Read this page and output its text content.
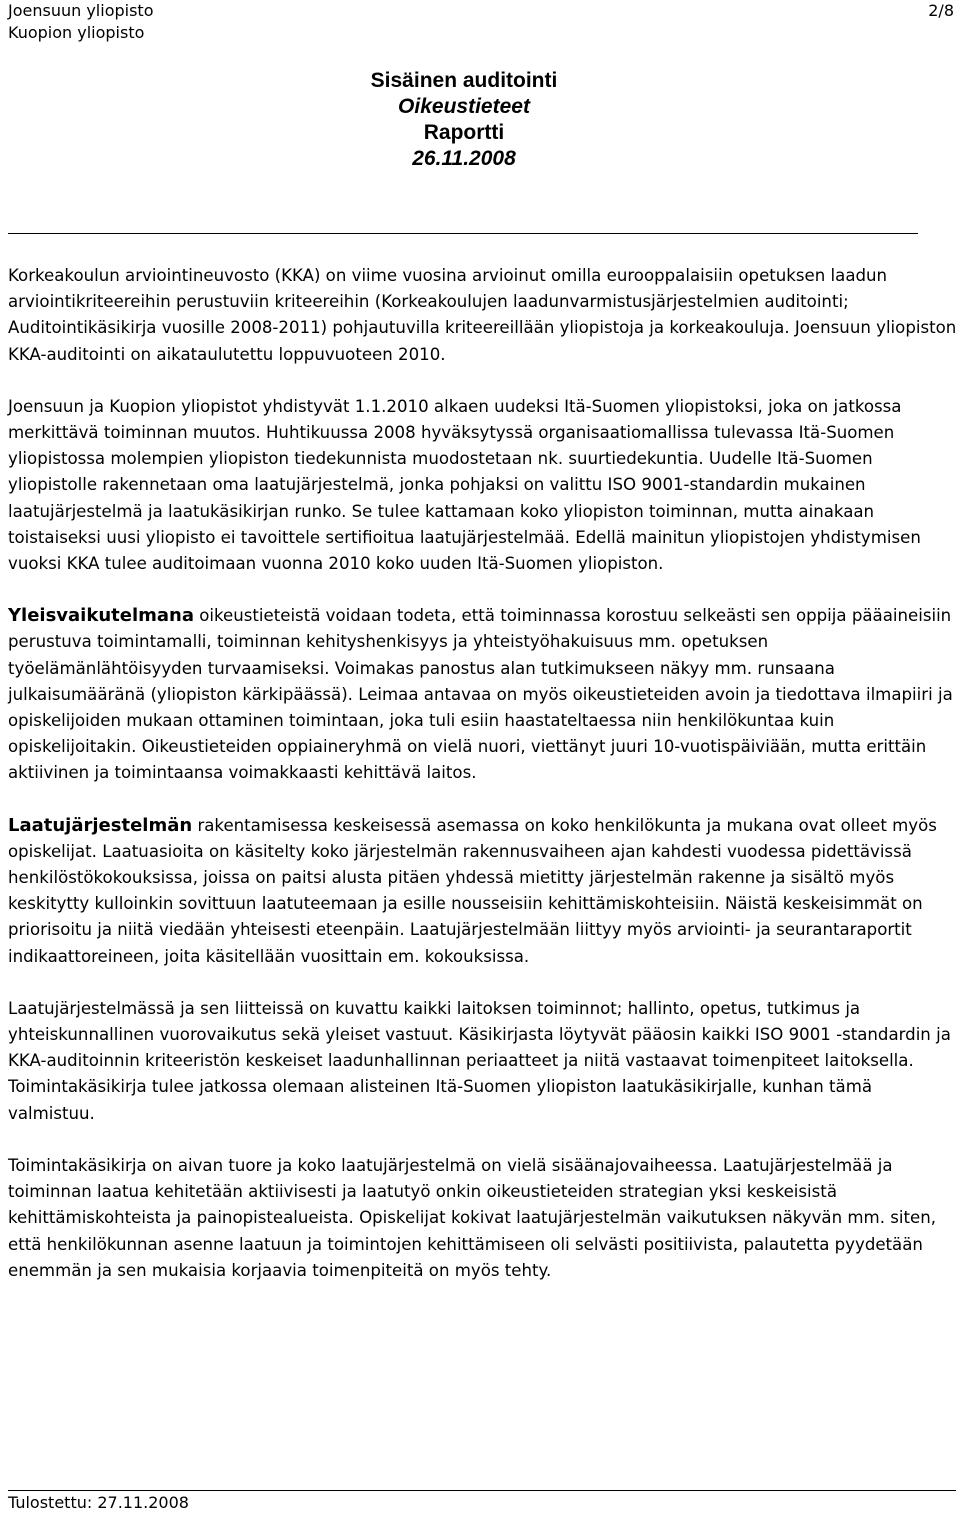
Joensuun yliopisto
Kuopion yliopisto
2/8
Sisäinen auditointi
Oikeustieteet
Raportti
26.11.2008

Korkeakoulun arviointineuvosto (KKA) on viime vuosina arvioinut omilla eurooppalaisiin opetuksen laadun arviointikriteereihin perustuviin kriteereihin (Korkeakoulujen laadunvarmistusjärjestelmien auditointi; Auditointikäsikirja vuosille 2008-2011) pohjautuvilla kriteereillään yliopistoja ja korkeakouluja. Joensuun yliopiston KKA-auditointi on aikataulutettu loppuvuoteen 2010.

Joensuun ja Kuopion yliopistot yhdistyvät 1.1.2010 alkaen uudeksi Itä-Suomen yliopistoksi, joka on jatkossa merkittävä toiminnan muutos. Huhtikuussa 2008 hyväksytyssä organisaatiomallissa tulevassa Itä-Suomen yliopistossa molempien yliopiston tiedekunnista muodostetaan nk. suurtiedekuntia. Uudelle Itä-Suomen yliopistolle rakennetaan oma laatujärjestelmä, jonka pohjaksi on valittu ISO 9001-standardin mukainen laatujärjestelmä ja laatukäsikirjan runko. Se tulee kattamaan koko yliopiston toiminnan, mutta ainakaan toistaiseksi uusi yliopisto ei tavoittele sertifioitua laatujärjestelmää. Edellä mainitun yliopistojen yhdistymisen vuoksi KKA tulee auditoimaan vuonna 2010 koko uuden Itä-Suomen yliopiston.

Yleisvaikutelmana oikeustieteistä voidaan todeta, että toiminnassa korostuu selkeästi sen oppija pääaineisiin perustuva toimintamalli, toiminnan kehityshenkisyys ja yhteistyöhakuisuus mm. opetuksen työelämänlähtöisyyden turvaamiseksi. Voimakas panostus alan tutkimukseen näkyy mm. runsaana julkaisumääränä (yliopiston kärkipäässä). Leimaa antavaa on myös oikeustieteiden avoin ja tiedottava ilmapiiri ja opiskelijoiden mukaan ottaminen toimintaan, joka tuli esiin haastateltaessa niin henkilökuntaa kuin opiskelijoitakin. Oikeustieteiden oppiaineryhmä on vielä nuori, viettänyt juuri 10-vuotispäiviään, mutta erittäin aktiivinen ja toimintaansa voimakkaasti kehittävä laitos.

Laatujärjestelmän rakentamisessa keskeisessä asemassa on koko henkilökunta ja mukana ovat olleet myös opiskelijat. Laatuasioita on käsitelty koko järjestelmän rakennusvaiheen ajan kahdesti vuodessa pidettävissä henkilöstökokouksissa, joissa on paitsi alusta pitäen yhdessä mietitty järjestelmän rakenne ja sisältö myös keskitytty kulloinkin sovittuun laatuteemaan ja esille nousseisiin kehittämiskohteisiin. Näistä keskeisimmät on priorisoitu ja niitä viedään yhteisesti eteenpäin. Laatujärjestelmään liittyy myös arviointi- ja seurantaraportit indikaattoreineen, joita käsitellään vuosittain em. kokouksissa.

Laatujärjestelmässä ja sen liitteissä on kuvattu kaikki laitoksen toiminnot; hallinto, opetus, tutkimus ja yhteiskunnallinen vuorovaikutus sekä yleiset vastuut. Käsikirjasta löytyvät pääosin kaikki ISO 9001 -standardin ja KKA-auditoinnin kriteeristön keskeiset laadunhallinnan periaatteet ja niitä vastaavat toimenpiteet laitoksella. Toimintakäsikirja tulee jatkossa olemaan alisteinen Itä-Suomen yliopiston laatukäsikirjalle, kunhan tämä valmistuu.

Toimintakäsikirja on aivan tuore ja koko laatujärjestelmä on vielä sisäänajovaiheessa. Laatujärjestelmää ja toiminnan laatua kehitetään aktiivisesti ja laatutyö onkin oikeustieteiden strategian yksi keskeisistä kehittämiskohteista ja painopistealueista. Opiskelijat kokivat laatujärjestelmän vaikutuksen näkyvän mm. siten, että henkilökunnan asenne laatuun ja toimintojen kehittämiseen oli selvästi positiivista, palautetta pyydetään enemmän ja sen mukaisia korjaavia toimenpiteitä on myös tehty.

Tulostettu: 27.11.2008
